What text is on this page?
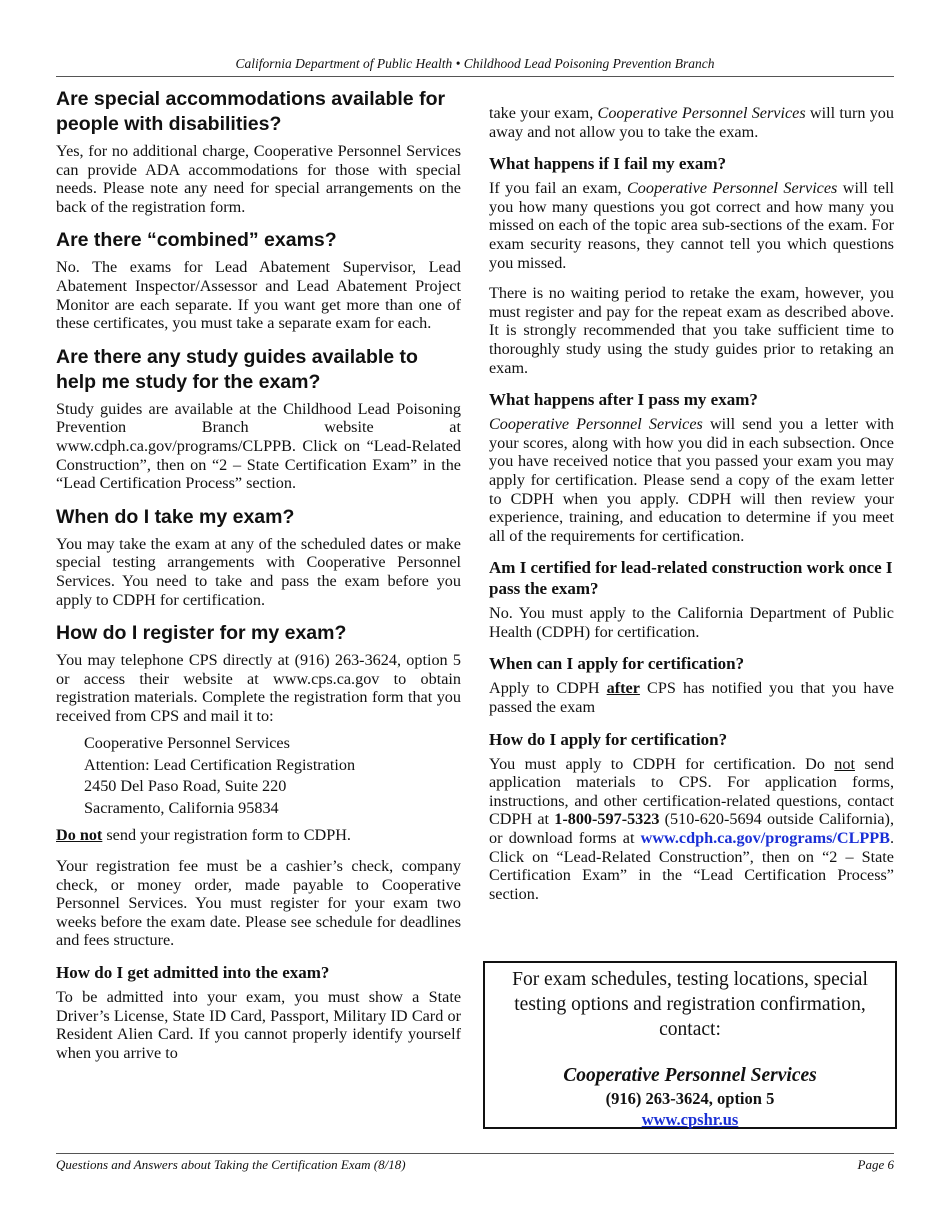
California Department of Public Health • Childhood Lead Poisoning Prevention Branch
Are special accommodations available for people with disabilities?

Yes, for no additional charge, Cooperative Personnel Services can provide ADA accommodations for those with special needs. Please note any need for special arrangements on the back of the registration form.

Are there “combined” exams?

No. The exams for Lead Abatement Supervisor, Lead Abatement Inspector/Assessor and Lead Abatement Project Monitor are each separate. If you want get more than one of these certificates, you must take a separate exam for each.

Are there any study guides available to help me study for the exam?

Study guides are available at the Childhood Lead Poisoning Prevention Branch website at www.cdph.ca.gov/programs/CLPPB. Click on “Lead-Related Construction”, then on “2 – State Certification Exam” in the “Lead Certification Process” section.

When do I take my exam?

You may take the exam at any of the scheduled dates or make special testing arrangements with Cooperative Personnel Services. You need to take and pass the exam before you apply to CDPH for certification.

How do I register for my exam?

You may telephone CPS directly at (916) 263-3624, option 5 or access their website at www.cps.ca.gov to obtain registration materials. Complete the registration form that you received from CPS and mail it to:

Cooperative Personnel Services
Attention: Lead Certification Registration
2450 Del Paso Road, Suite 220
Sacramento, California 95834

Do not send your registration form to CDPH.

Your registration fee must be a cashier’s check, company check, or money order, made payable to Cooperative Personnel Services. You must register for your exam two weeks before the exam date. Please see schedule for deadlines and fees structure.

How do I get admitted into the exam?

To be admitted into your exam, you must show a State Driver’s License, State ID Card, Passport, Military ID Card or Resident Alien Card. If you cannot properly identify yourself when you arrive to

take your exam, Cooperative Personnel Services will turn you away and not allow you to take the exam.

What happens if I fail my exam?

If you fail an exam, Cooperative Personnel Services will tell you how many questions you got correct and how many you missed on each of the topic area sub-sections of the exam. For exam security reasons, they cannot tell you which questions you missed.

There is no waiting period to retake the exam, however, you must register and pay for the repeat exam as described above. It is strongly recommended that you take sufficient time to thoroughly study using the study guides prior to retaking an exam.

What happens after I pass my exam?

Cooperative Personnel Services will send you a letter with your scores, along with how you did in each subsection. Once you have received notice that you passed your exam you may apply for certification. Please send a copy of the exam letter to CDPH when you apply. CDPH will then review your experience, training, and education to determine if you meet all of the requirements for certification.

Am I certified for lead-related construction work once I pass the exam?

No. You must apply to the California Department of Public Health (CDPH) for certification.

When can I apply for certification?

Apply to CDPH after CPS has notified you that you have passed the exam

How do I apply for certification?

You must apply to CDPH for certification. Do not send application materials to CPS. For application forms, instructions, and other certification-related questions, contact CDPH at 1-800-597-5323 (510-620-5694 outside California), or download forms at www.cdph.ca.gov/programs/CLPPB. Click on “Lead-Related Construction”, then on “2 – State Certification Exam” in the “Lead Certification Process” section.

For exam schedules, testing locations, special testing options and registration confirmation, contact:
Cooperative Personnel Services
(916) 263-3624, option 5
www.cpshr.us
Questions and Answers about Taking the Certification Exam (8/18)	Page 6
